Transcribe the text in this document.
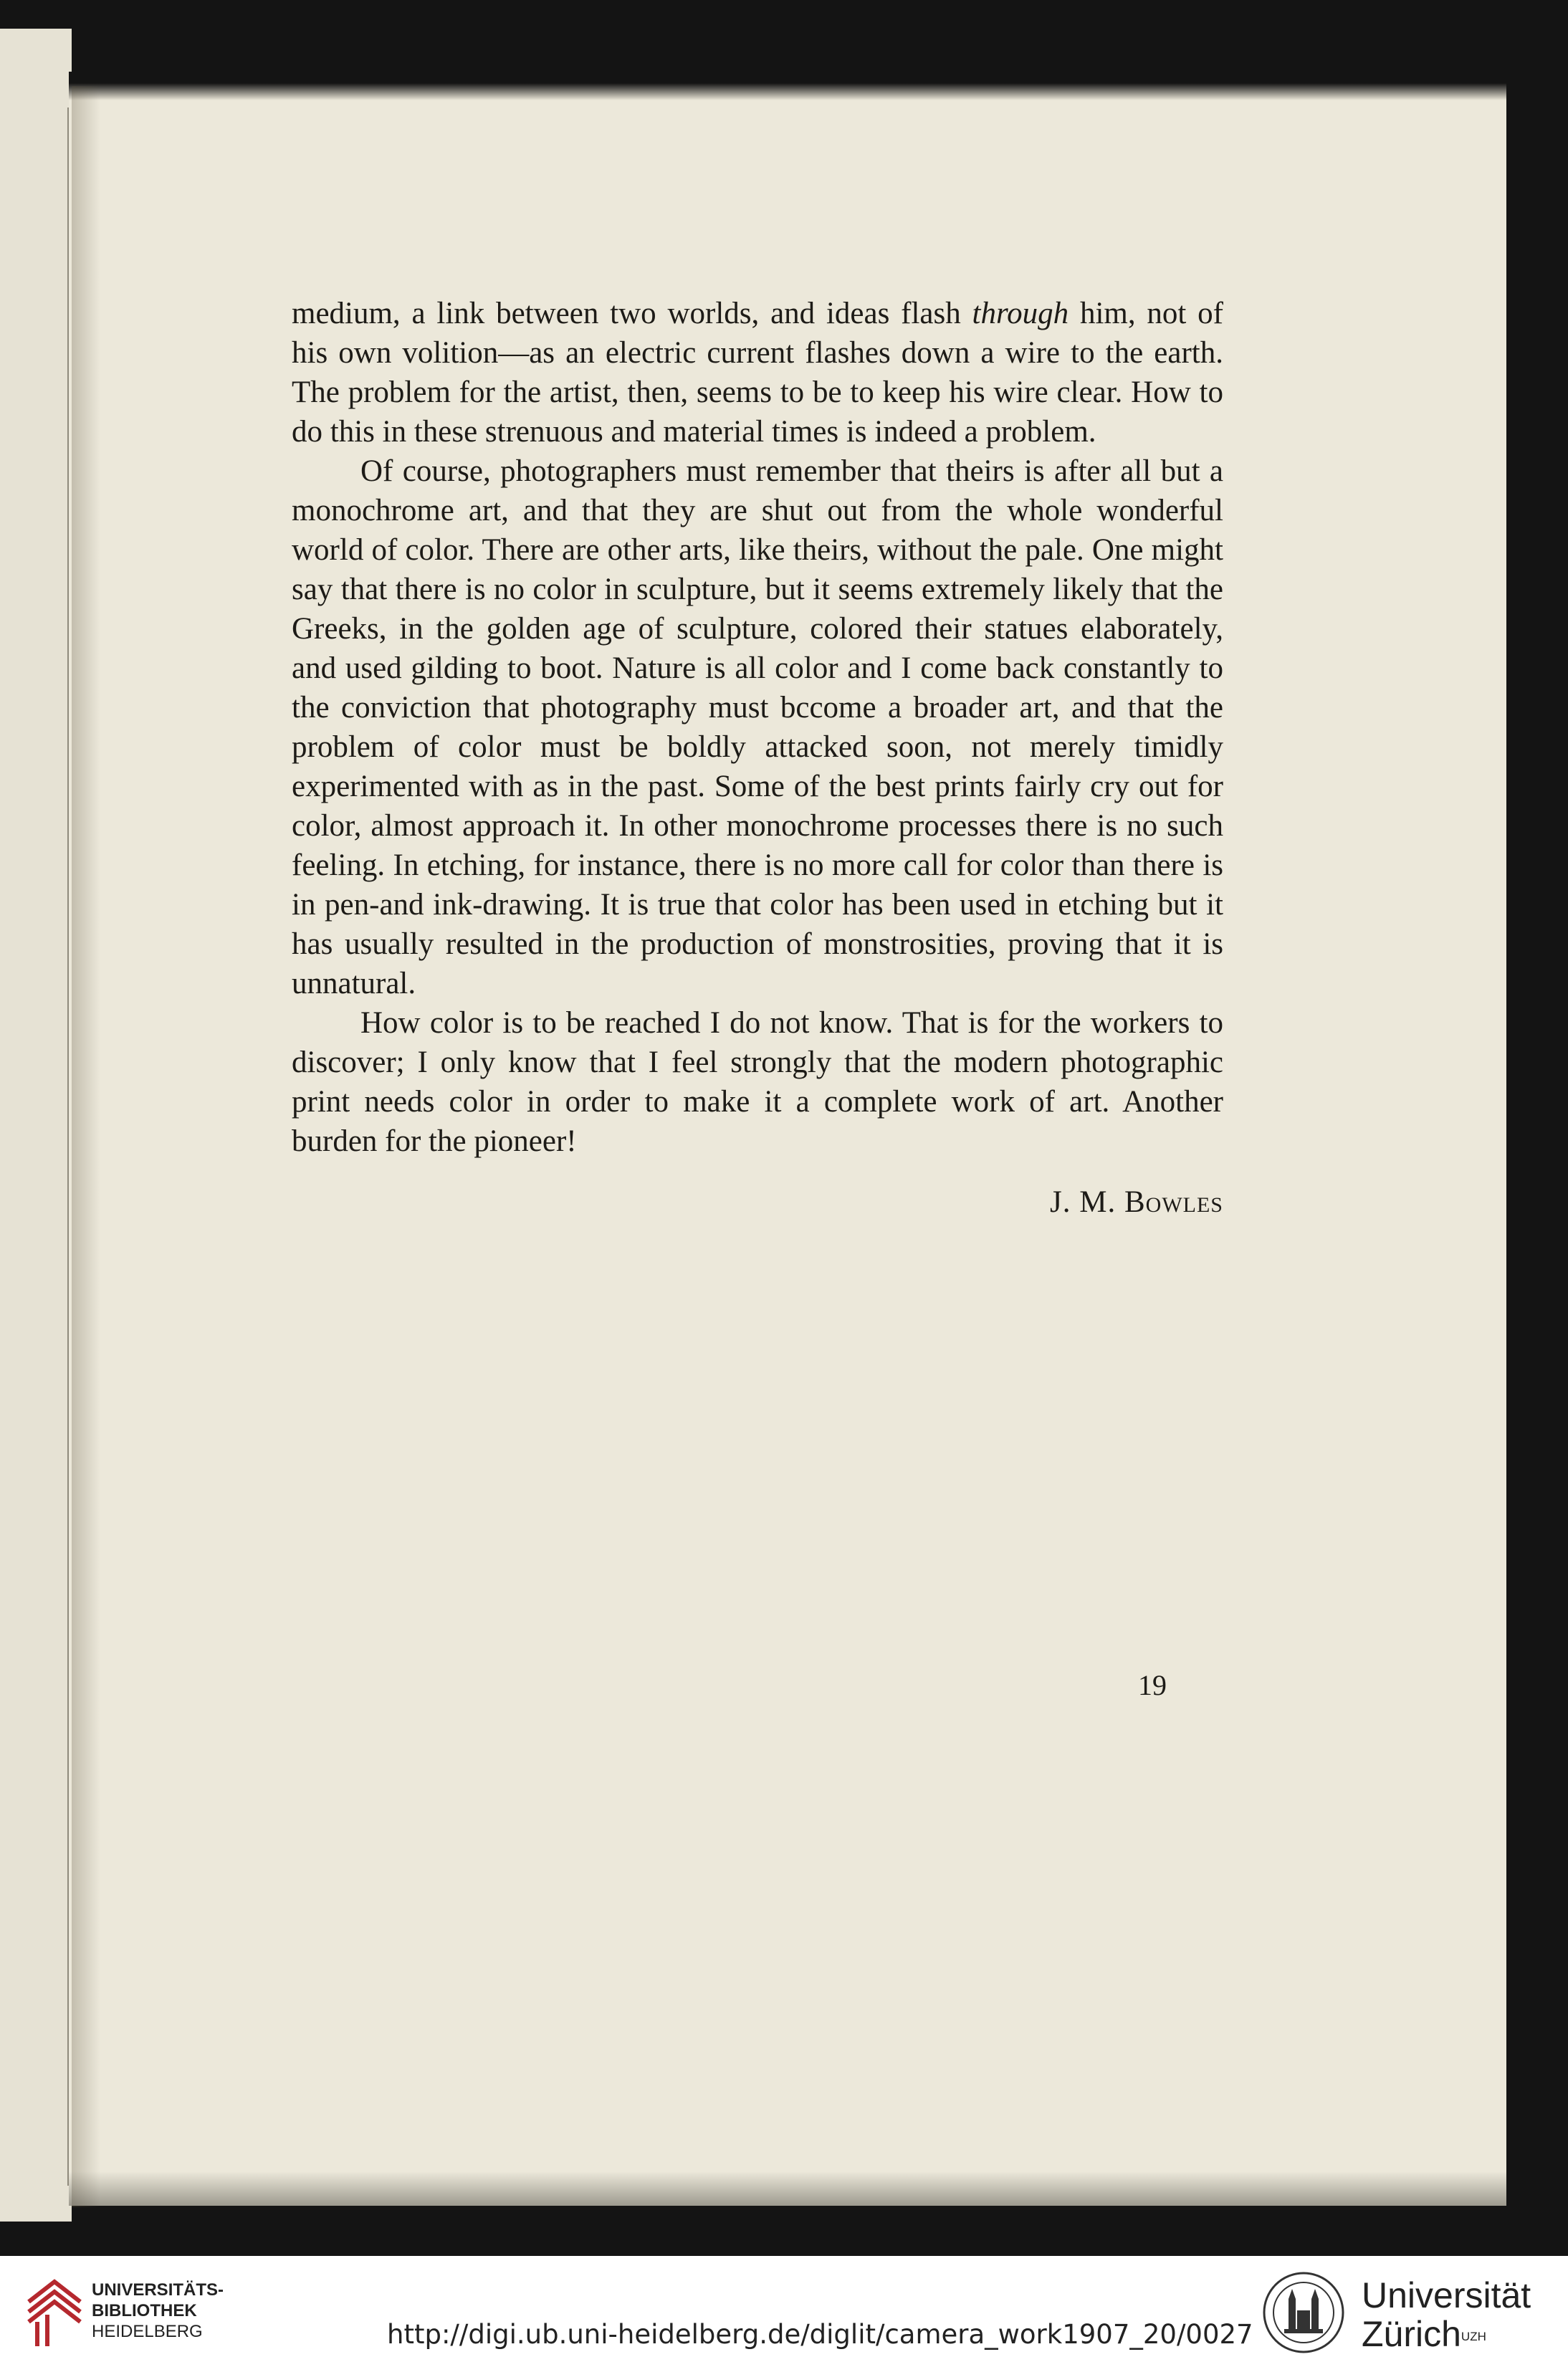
medium, a link between two worlds, and ideas flash through him, not of his own volition—as an electric current flashes down a wire to the earth. The problem for the artist, then, seems to be to keep his wire clear. How to do this in these strenuous and material times is indeed a problem.

Of course, photographers must remember that theirs is after all but a monochrome art, and that they are shut out from the whole wonderful world of color. There are other arts, like theirs, without the pale. One might say that there is no color in sculpture, but it seems extremely likely that the Greeks, in the golden age of sculpture, colored their statues elaborately, and used gilding to boot. Nature is all color and I come back constantly to the conviction that photography must bccome a broader art, and that the problem of color must be boldly attacked soon, not merely timidly experimented with as in the past. Some of the best prints fairly cry out for color, almost approach it. In other monochrome processes there is no such feeling. In etching, for instance, there is no more call for color than there is in pen-and ink-drawing. It is true that color has been used in etching but it has usually resulted in the production of monstrosities, proving that it is unnatural.

How color is to be reached I do not know. That is for the workers to discover; I only know that I feel strongly that the modern photographic print needs color in order to make it a complete work of art. Another burden for the pioneer!

J. M. Bowles

19
UNIVERSITÄTS-
BIBLIOTHEK
HEIDELBERG	http://digi.ub.uni-heidelberg.de/diglit/camera_work1907_20/0027
Universität
Zürich$^{UZH}$
